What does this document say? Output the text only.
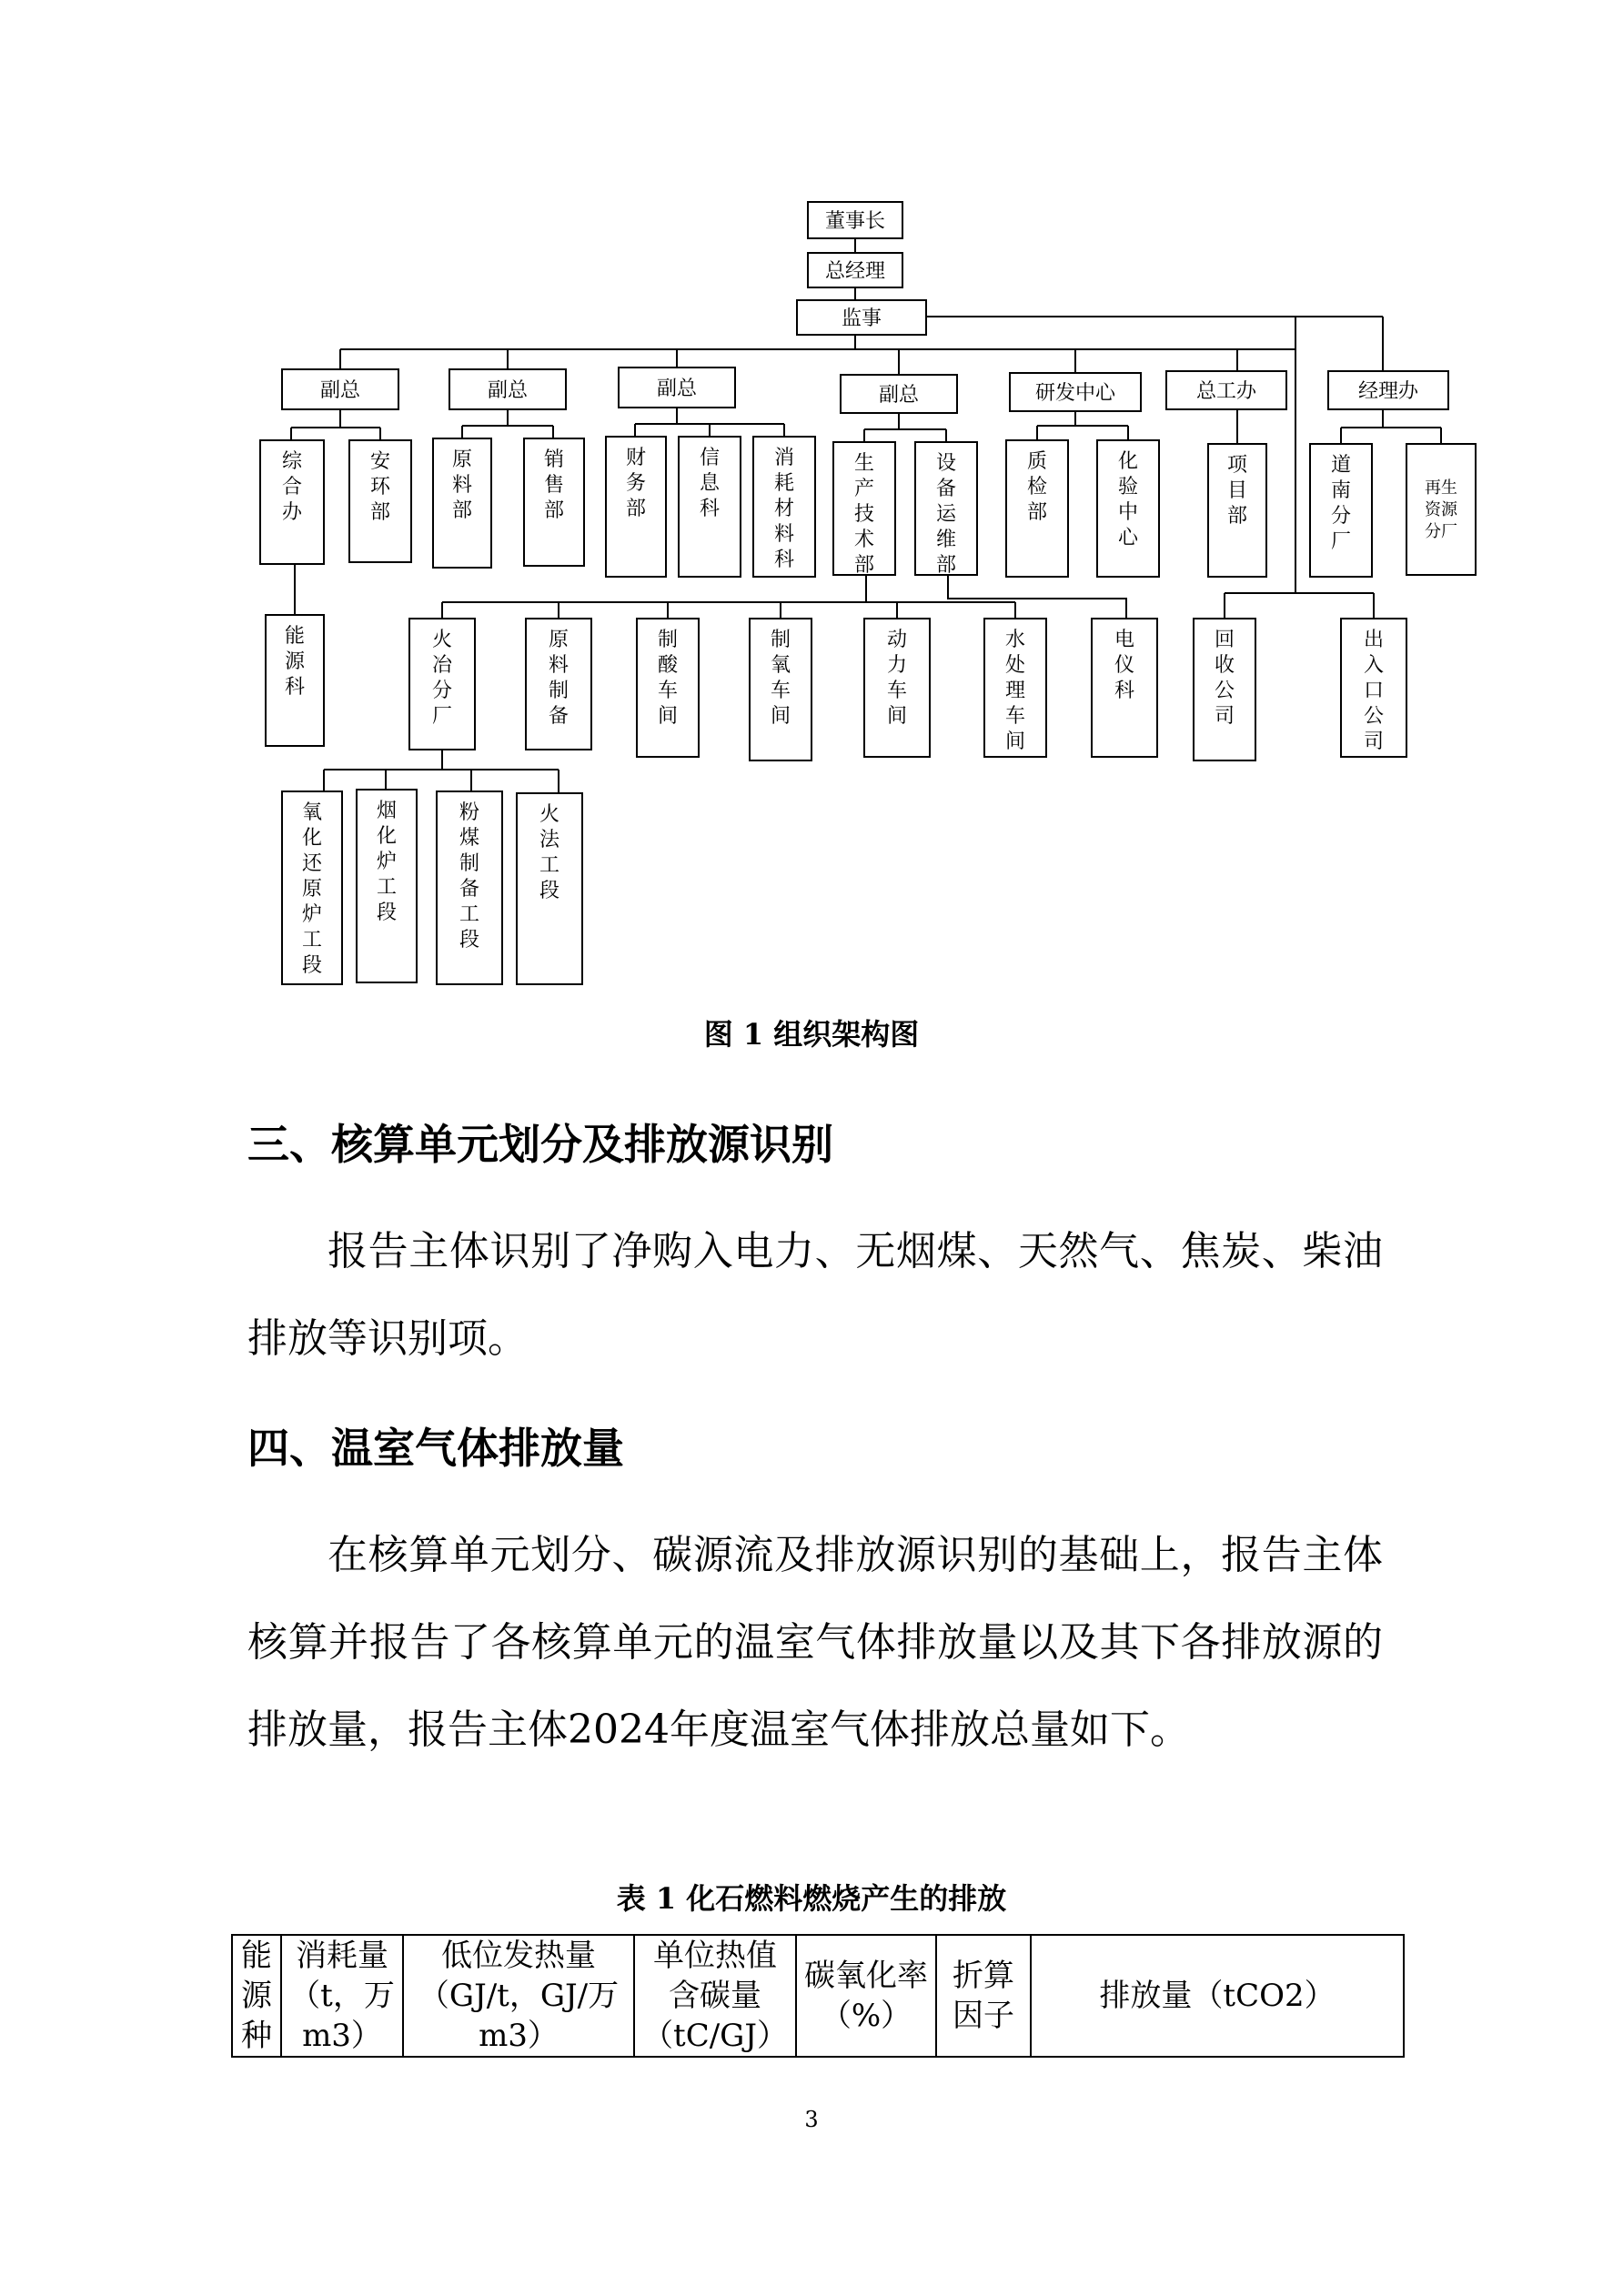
董事长
总经理
监事
副总	副总	副总	副总	研发中心	总工办	经理办
综合办
安环部
能源科
原料部
销售部
财务部
信息科
消耗材料科
生产技术部
设备运维部
质检部
化验中心
项目部
道南分厂
再生资源分厂
火冶分厂
原料制备
制酸车间
制氧车间
动力车间
水处理车间
电仪科
回收公司
出入口公司
氧化还原炉工段
烟化炉工段
粉煤制备工段
火法工段
图 1 组织架构图
三、核算单元划分及排放源识别

报告主体识别了净购入电力、无烟煤、天然气、焦炭、柴油排放等识别项。

四、温室气体排放量

在核算单元划分、碳源流及排放源识别的基础上，报告主体核算并报告了各核算单元的温室气体排放量以及其下各排放源的排放量，报告主体2024年度温室气体排放总量如下。

表 1 化石燃料燃烧产生的排放
能源种	消耗量（t，万m3）	低位发热量（GJ/t，GJ/万m3）	单位热值含碳量（tC/GJ）	碳氧化率（%）	折算因子	排放量（tCO2）
3
